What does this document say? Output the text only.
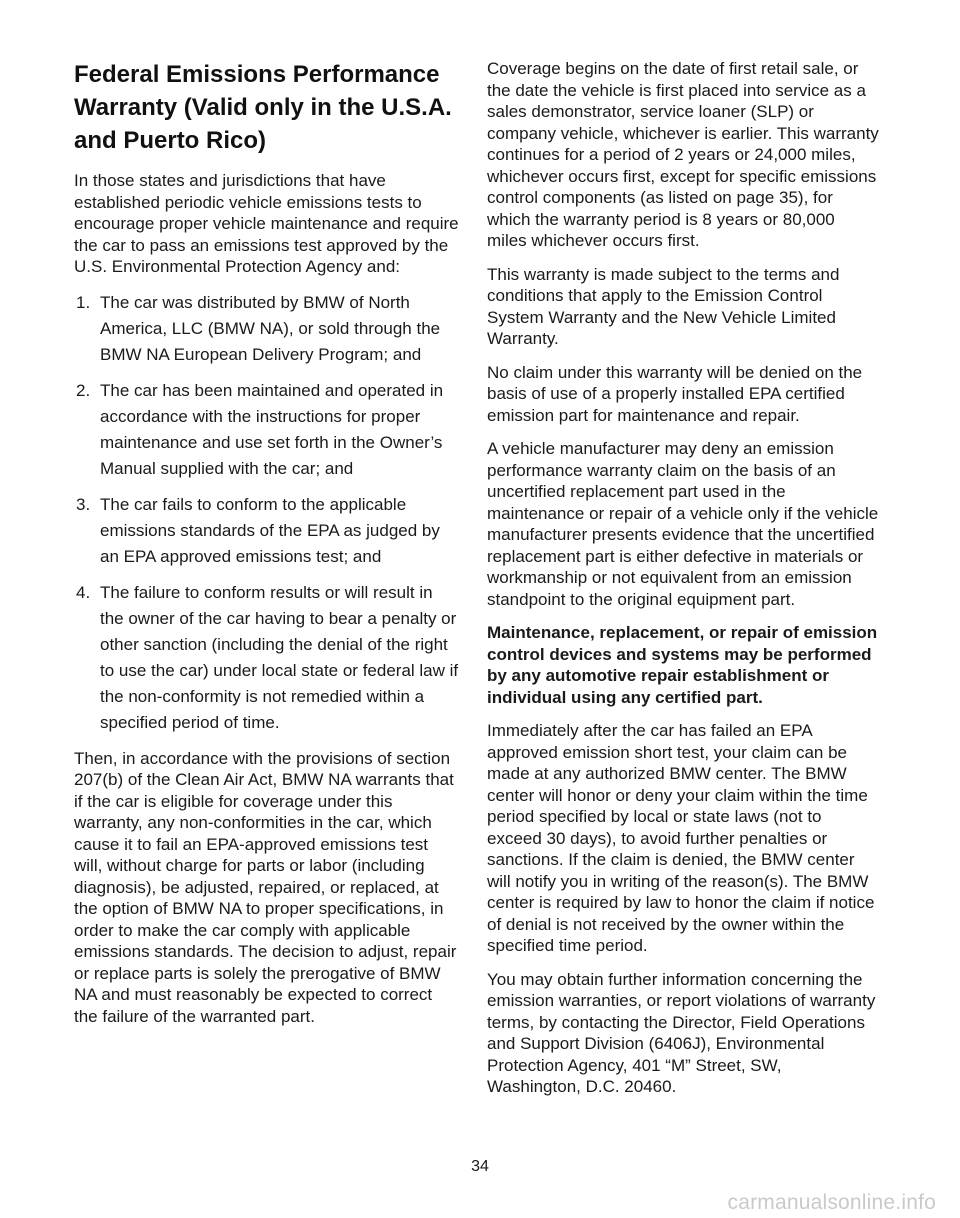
Federal Emissions Performance Warranty (Valid only in the U.S.A. and Puerto Rico)

In those states and jurisdictions that have established periodic vehicle emissions tests to encourage proper vehicle maintenance and require the car to pass an emissions test approved by the U.S. Environmental Protection Agency and:

1. The car was distributed by BMW of North America, LLC (BMW NA), or sold through the BMW NA European Delivery Program; and
2. The car has been maintained and operated in accordance with the instructions for proper maintenance and use set forth in the Owner’s Manual supplied with the car; and
3. The car fails to conform to the applicable emissions standards of the EPA as judged by an EPA approved emissions test; and
4. The failure to conform results or will result in the owner of the car having to bear a penalty or other sanction (including the denial of the right to use the car) under local state or federal law if the non-conformity is not remedied within a specified period of time.

Then, in accordance with the provisions of section 207(b) of the Clean Air Act, BMW NA warrants that if the car is eligible for coverage under this warranty, any non-conformities in the car, which cause it to fail an EPA-approved emissions test will, without charge for parts or labor (including diagnosis), be adjusted, repaired, or replaced, at the option of BMW NA to proper specifications, in order to make the car comply with applicable emissions standards. The decision to adjust, repair or replace parts is solely the prerogative of BMW NA and must reasonably be expected to correct the failure of the warranted part.

Coverage begins on the date of first retail sale, or the date the vehicle is first placed into service as a sales demonstrator, service loaner (SLP) or company vehicle, whichever is earlier. This warranty continues for a period of 2 years or 24,000 miles, whichever occurs first, except for specific emissions control components (as listed on page 35), for which the warranty period is 8 years or 80,000 miles whichever occurs first.

This warranty is made subject to the terms and conditions that apply to the Emission Control System Warranty and the New Vehicle Limited Warranty.

No claim under this warranty will be denied on the basis of use of a properly installed EPA certified emission part for maintenance and repair.

A vehicle manufacturer may deny an emission performance warranty claim on the basis of an uncertified replacement part used in the maintenance or repair of a vehicle only if the vehicle manufacturer presents evidence that the uncertified replacement part is either defective in materials or workmanship or not equivalent from an emission standpoint to the original equipment part.

Maintenance, replacement, or repair of emission control devices and systems may be performed by any automotive repair establishment or individual using any certified part.

Immediately after the car has failed an EPA approved emission short test, your claim can be made at any authorized BMW center. The BMW center will honor or deny your claim within the time period specified by local or state laws (not to exceed 30 days), to avoid further penalties or sanctions. If the claim is denied, the BMW center will notify you in writing of the reason(s). The BMW center is required by law to honor the claim if notice of denial is not received by the owner within the specified time period.

You may obtain further information concerning the emission warranties, or report violations of warranty terms, by contacting the Director, Field Operations and Support Division (6406J), Environmental Protection Agency, 401 “M” Street, SW, Washington, D.C. 20460.

34
carmanualsonline.info
